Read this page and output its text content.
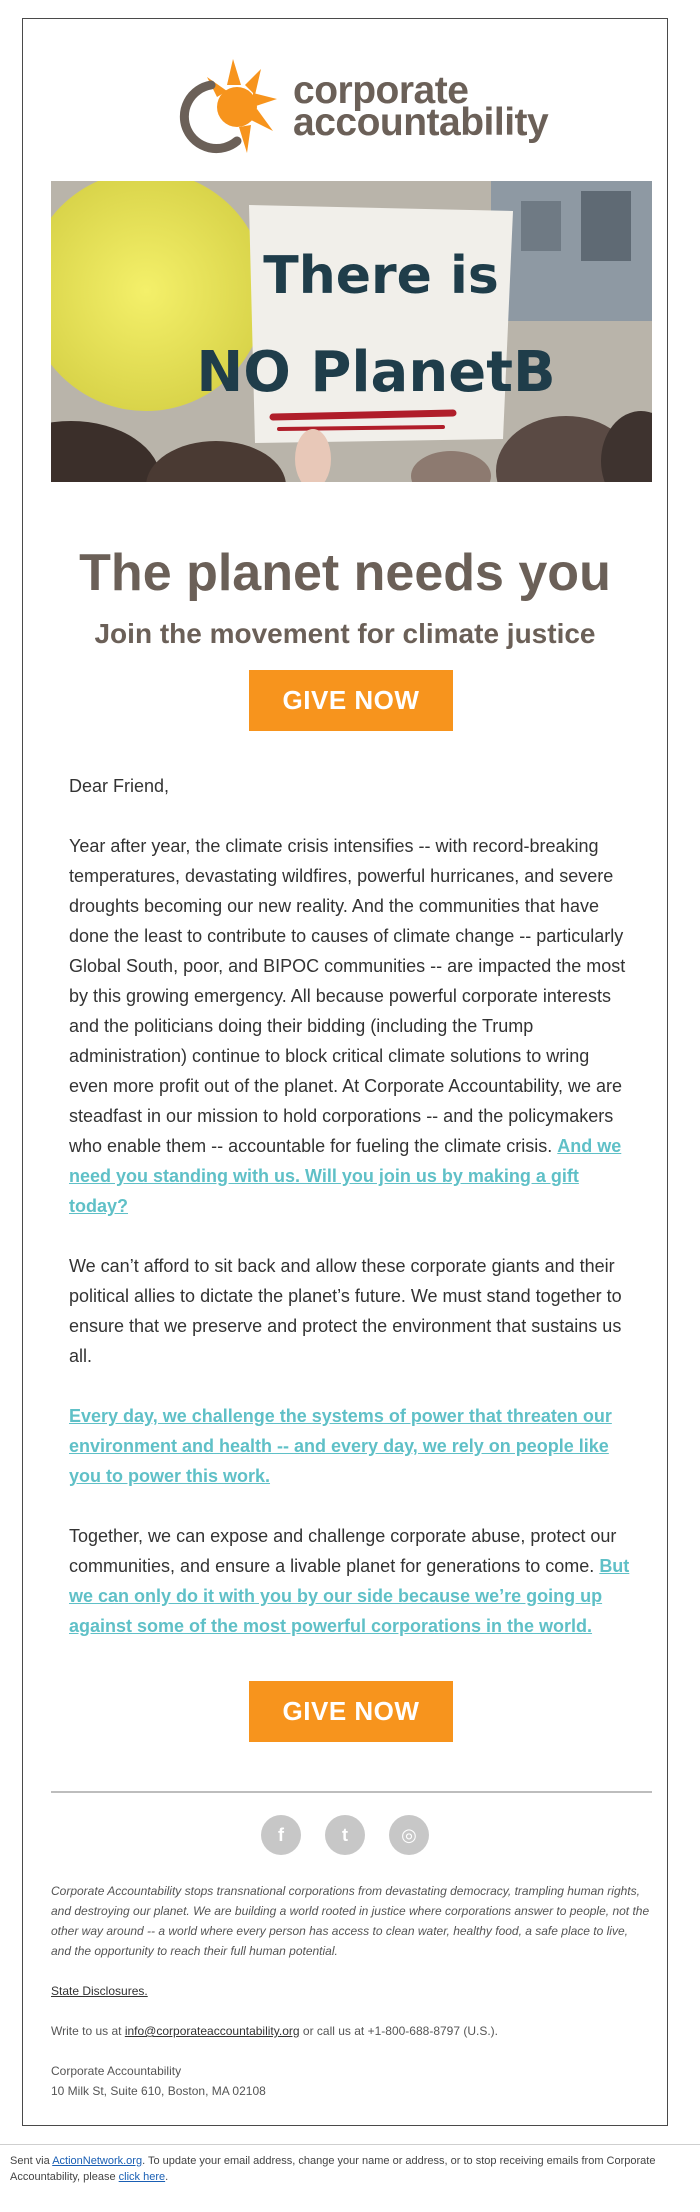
corporate
accountability
There is
NO PlanetB
The planet needs you
Join the movement for climate justice
GIVE NOW

Dear Friend,

Year after year, the climate crisis intensifies -- with record-breaking temperatures, devastating wildfires, powerful hurricanes, and severe droughts becoming our new reality. And the communities that have done the least to contribute to causes of climate change -- particularly Global South, poor, and BIPOC communities -- are impacted the most by this growing emergency. All because powerful corporate interests and the politicians doing their bidding (including the Trump administration) continue to block critical climate solutions to wring even more profit out of the planet. At Corporate Accountability, we are steadfast in our mission to hold corporations -- and the policymakers who enable them -- accountable for fueling the climate crisis. And we need you standing with us. Will you join us by making a gift today?

We can’t afford to sit back and allow these corporate giants and their political allies to dictate the planet’s future. We must stand together to ensure that we preserve and protect the environment that sustains us all.

Every day, we challenge the systems of power that threaten our environment and health -- and every day, we rely on people like you to power this work.

Together, we can expose and challenge corporate abuse, protect our communities, and ensure a livable planet for generations to come. But we can only do it with you by our side because we’re going up against some of the most powerful corporations in the world.

GIVE NOW
f	t	◎
Corporate Accountability stops transnational corporations from devastating democracy, trampling human rights, and destroying our planet. We are building a world rooted in justice where corporations answer to people, not the other way around -- a world where every person has access to clean water, healthy food, a safe place to live, and the opportunity to reach their full human potential.
State Disclosures.
Write to us at info@corporateaccountability.org or call us at +1-800-688-8797 (U.S.).
Corporate Accountability
10 Milk St, Suite 610, Boston, MA 02108
Sent via ActionNetwork.org. To update your email address, change your name or address, or to stop receiving emails from Corporate Accountability, please click here.
